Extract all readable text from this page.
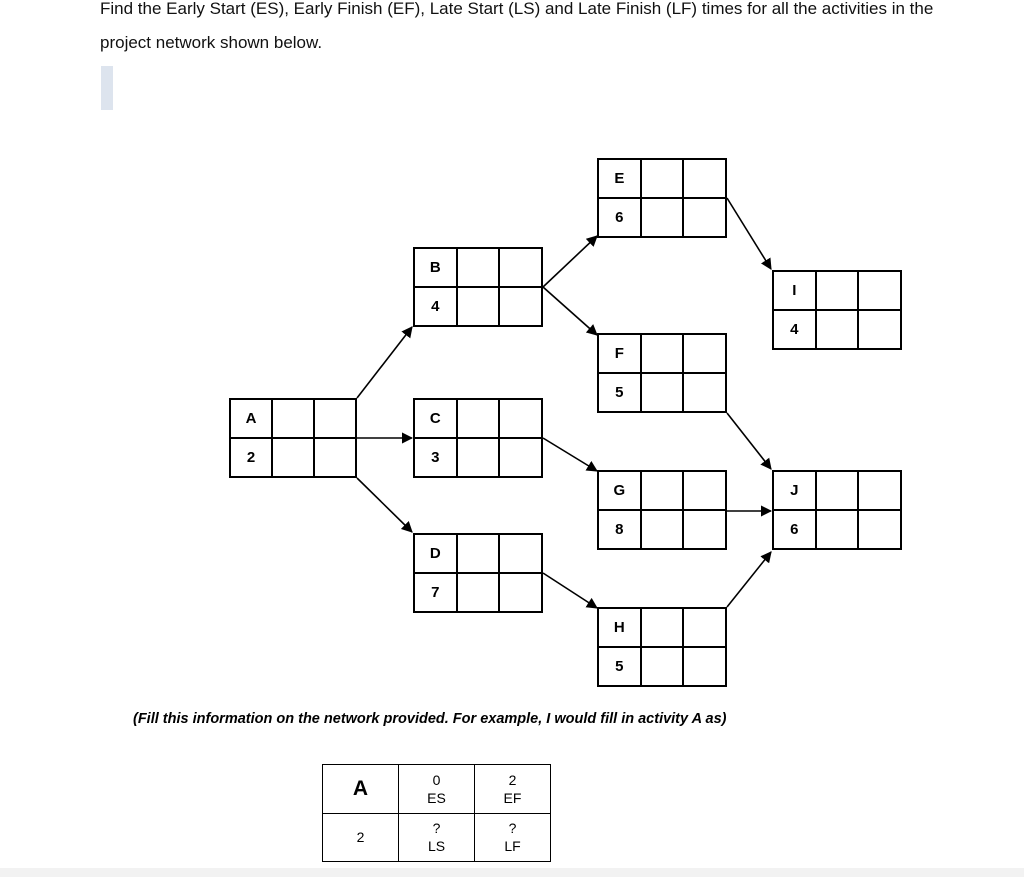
Find the Early Start (ES), Early Finish (EF), Late Start (LS) and Late Finish (LF) times for all the activities in the project network shown below.

A
2
B
4
C
3
D
7
E
6
F
5
G
8
H
5
I
4
J
6

(Fill this information on the network provided. For example, I would fill in activity A as)

A	0
ES
2
EF
2
?
LS
?
LF
